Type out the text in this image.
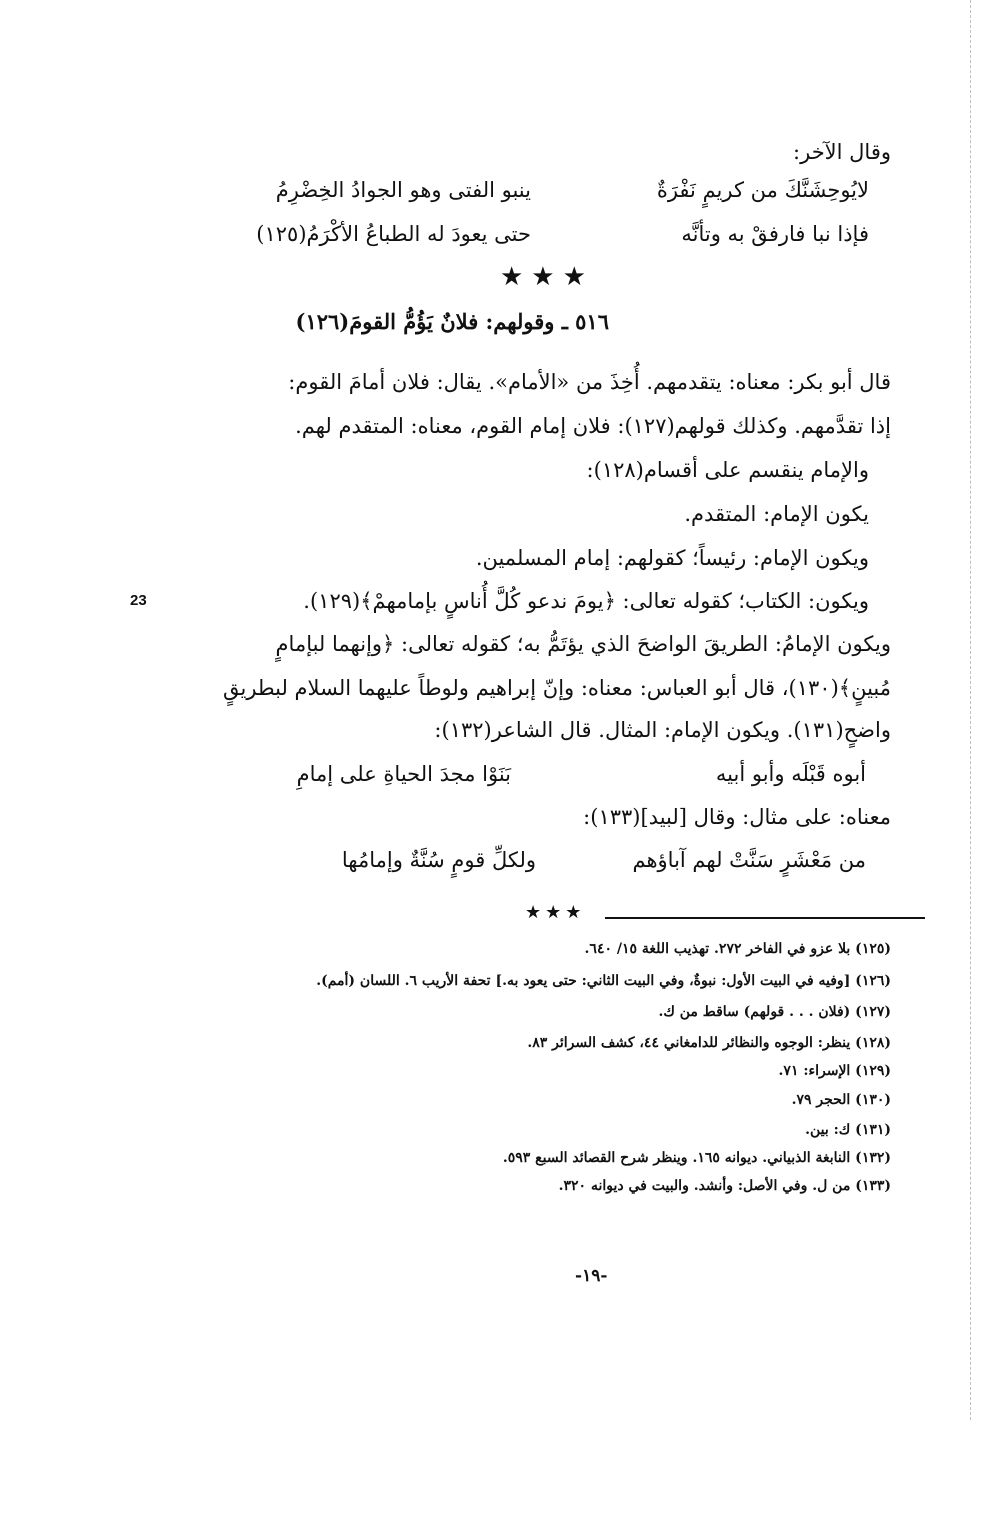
وقال الآخر:
لايُوحِشَنَّكَ من كريمٍ نَفْرَةٌ
ينبو الفتى وهو الجوادُ الخِضْرِمُ
فإذا نبا فارفقْ به وتأنَّه
حتى يعودَ له الطباعُ الأكْرَمُ(١٢٥)
★★★
٥١٦ ـ وقولهم: فلانٌ يَؤُمُّ القومَ(١٢٦)
قال أبو بكر: معناه: يتقدمهم. أُخِذَ من «الأمام». يقال: فلان أمامَ القوم:
إذا تقدَّمهم. وكذلك قولهم(١٢٧): فلان إمام القوم، معناه: المتقدم لهم.
والإمام ينقسم على أقسام(١٢٨):
يكون الإمام: المتقدم.
ويكون الإمام: رئيساً؛ كقولهم: إمام المسلمين.
ويكون: الكتاب؛ كقوله تعالى: ﴿يومَ ندعو كُلَّ أُناسٍ بإمامهمْ﴾(١٢٩).
23
ويكون الإمامُ: الطريقَ الواضحَ الذي يؤتَمُّ به؛ كقوله تعالى: ﴿وإنهما لبإمامٍ
مُبينٍ﴾(١٣٠)، قال أبو العباس: معناه: وإنّ إبراهيم ولوطاً عليهما السلام لبطريقٍ
واضحٍ(١٣١). ويكون الإمام: المثال. قال الشاعر(١٣٢):
أبوه قَبْلَه وأبو أبيه
بَنَوْا مجدَ الحياةِ على إمامِ
معناه: على مثال: وقال [لبيد](١٣٣):
من مَعْشَرٍ سَنَّتْ لهم آباؤهم
ولكلِّ قومٍ سُنَّةٌ وإمامُها
★★★
(١٢٥) بلا عزو في الفاخر ٢٧٢. تهذيب اللغة ١٥/ ٦٤٠.
(١٢٦) [وفيه في البيت الأول: نبوةٌ، وفي البيت الثاني: حتى يعود به.] تحفة الأريب ٦. اللسان (أمم).
(١٢٧) (فلان . . . قولهم) ساقط من ك.
(١٢٨) ينظر: الوجوه والنظائر للدامغاني ٤٤، كشف السرائر ٨٣.
(١٢٩) الإسراء: ٧١.
(١٣٠) الحجر ٧٩.
(١٣١) ك: بين.
(١٣٢) النابغة الذبياني. ديوانه ١٦٥. وينظر شرح القصائد السبع ٥٩٣.
(١٣٣) من ل. وفي الأصل: وأنشد. والبيت في ديوانه ٣٢٠.
-١٩-
